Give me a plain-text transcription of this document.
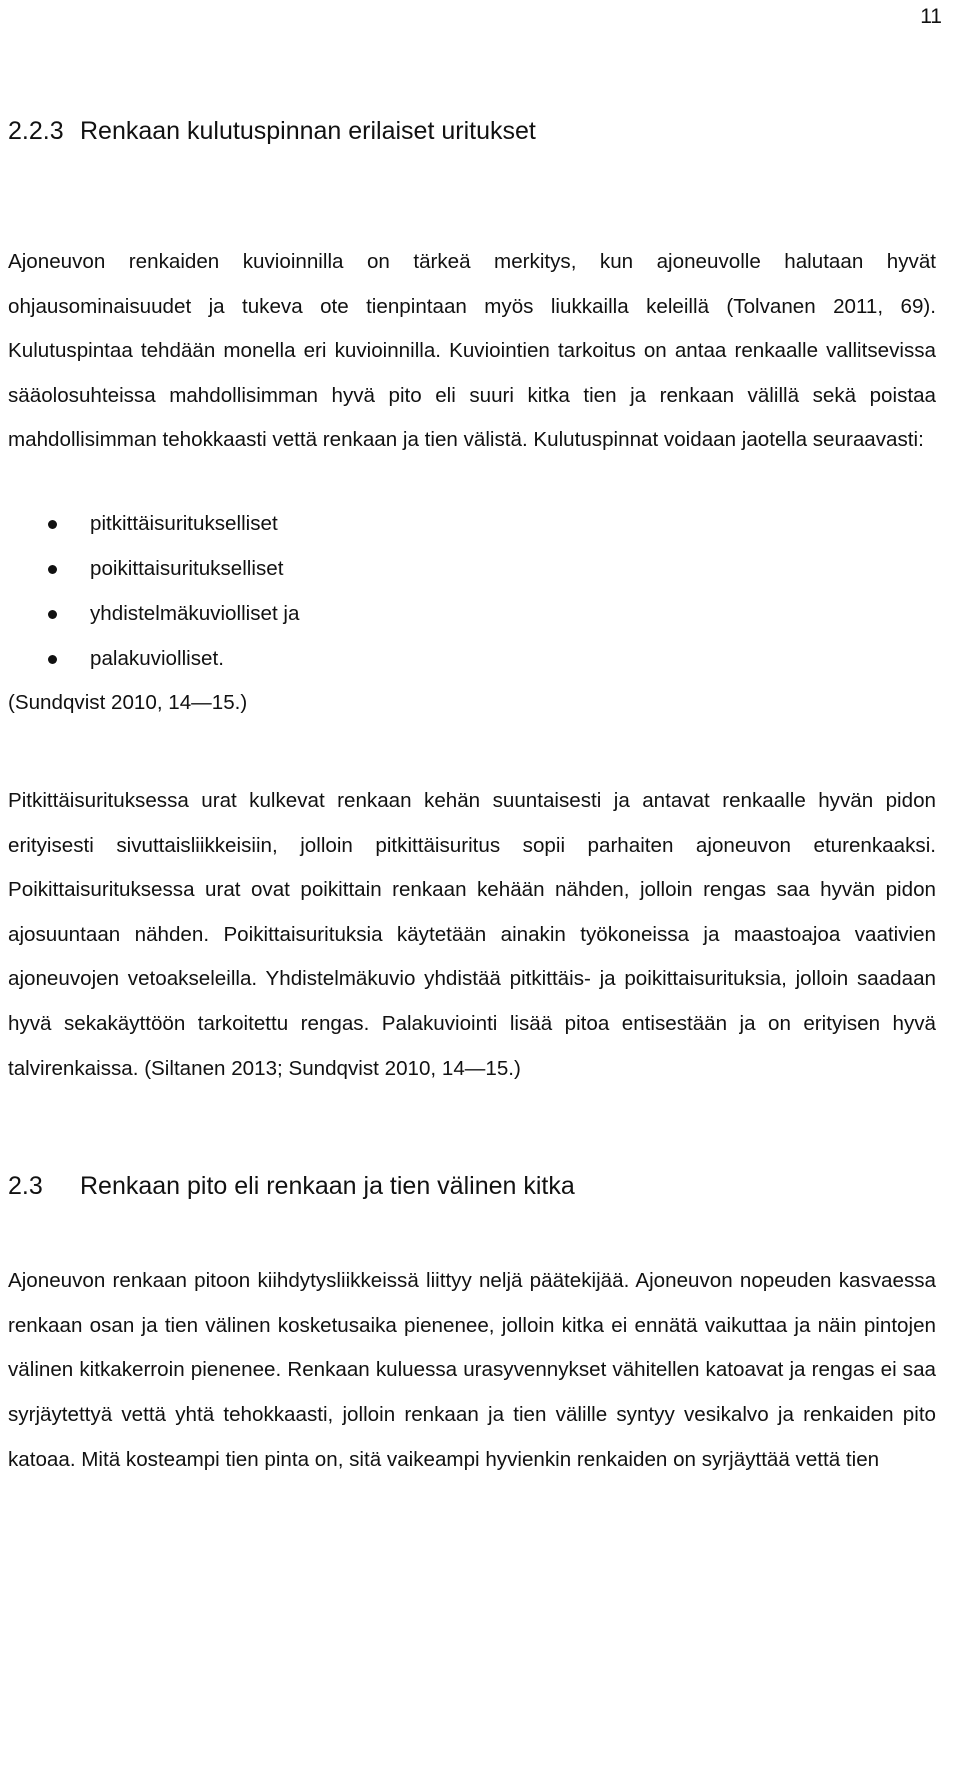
11
2.2.3 Renkaan kulutuspinnan erilaiset uritukset

Ajoneuvon renkaiden kuvioinnilla on tärkeä merkitys, kun ajoneuvolle halutaan hyvät ohjausominaisuudet ja tukeva ote tienpintaan myös liukkailla keleillä (Tolvanen 2011, 69). Kulutuspintaa tehdään monella eri kuvioinnilla. Kuviointien tarkoitus on antaa renkaalle vallitsevissa sääolosuhteissa mahdollisimman hyvä pito eli suuri kitka tien ja renkaan välillä sekä poistaa mahdollisimman tehokkaasti vettä renkaan ja tien välistä. Kulutuspinnat voidaan jaotella seuraavasti:

pitkittäisuritukselliset
poikittaisuritukselliset
yhdistelmäkuviolliset ja
palakuviolliset.

(Sundqvist 2010, 14—15.)

Pitkittäisurituksessa urat kulkevat renkaan kehän suuntaisesti ja antavat renkaalle hyvän pidon erityisesti sivuttaisliikkeisiin, jolloin pitkittäisuritus sopii parhaiten ajoneuvon eturenkaaksi. Poikittaisurituksessa urat ovat poikittain renkaan kehään nähden, jolloin rengas saa hyvän pidon ajosuuntaan nähden. Poikittaisurituksia käytetään ainakin työkoneissa ja maastoajoa vaativien ajoneuvojen vetoakseleilla. Yhdistelmäkuvio yhdistää pitkittäis- ja poikittaisurituksia, jolloin saadaan hyvä sekakäyttöön tarkoitettu rengas. Palakuviointi lisää pitoa entisestään ja on erityisen hyvä talvirenkaissa. (Siltanen 2013; Sundqvist 2010, 14—15.)

2.3 Renkaan pito eli renkaan ja tien välinen kitka

Ajoneuvon renkaan pitoon kiihdytysliikkeissä liittyy neljä päätekijää. Ajoneuvon nopeuden kasvaessa renkaan osan ja tien välinen kosketusaika pienenee, jolloin kitka ei ennätä vaikuttaa ja näin pintojen välinen kitkakerroin pienenee. Renkaan kuluessa urasyvennykset vähitellen katoavat ja rengas ei saa syrjäytettyä vettä yhtä tehokkaasti, jolloin renkaan ja tien välille syntyy vesikalvo ja renkaiden pito katoaa. Mitä kosteampi tien pinta on, sitä vaikeampi hyvienkin renkaiden on syrjäyttää vettä tien
